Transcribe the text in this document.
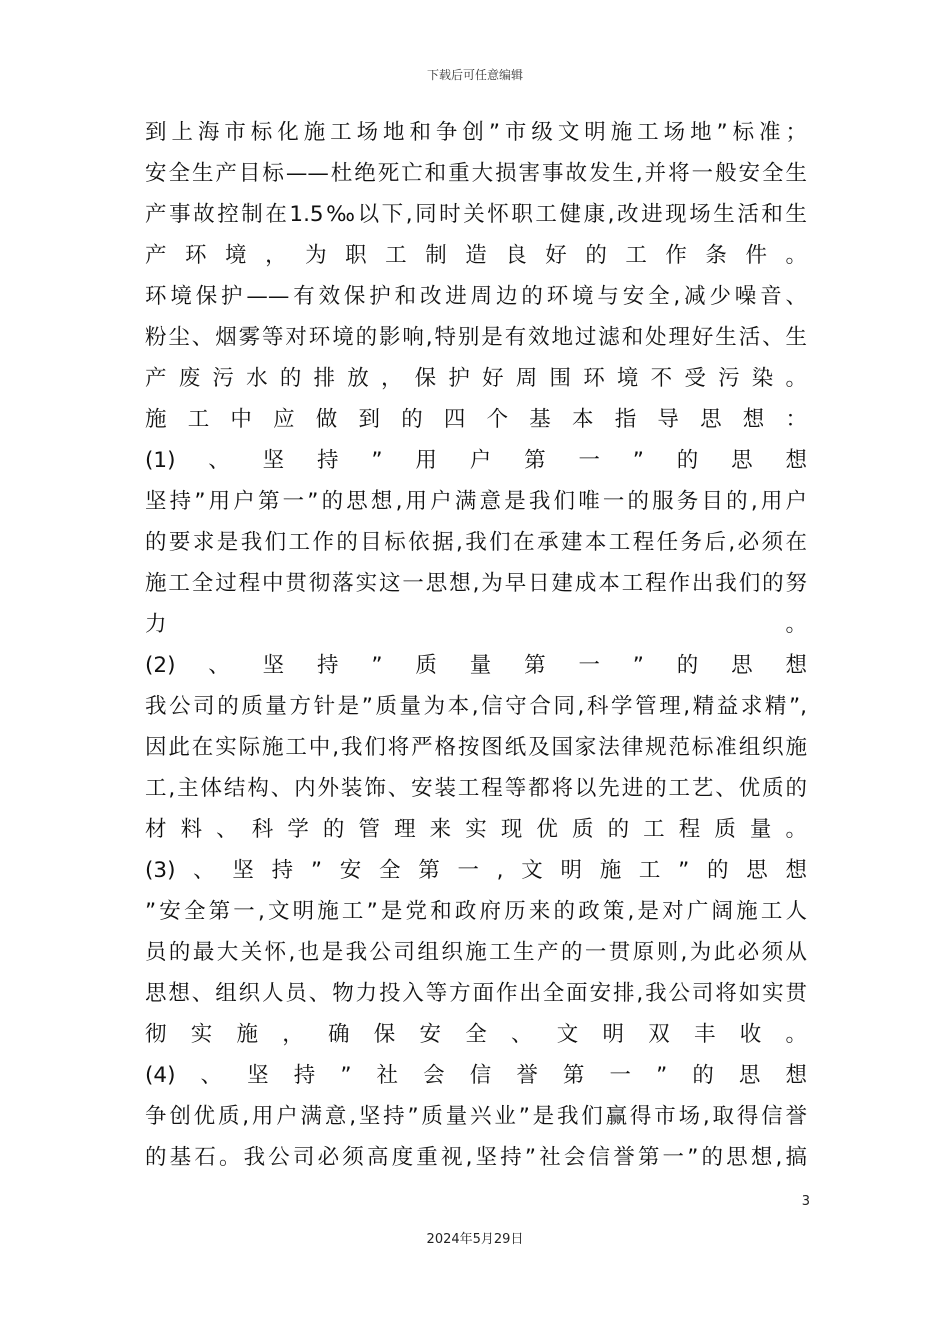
下载后可任意编辑
到上海市标化施工场地和争创”市级文明施工场地”标准；
安全生产目标——杜绝死亡和重大损害事故发生,并将一般安全生
产事故控制在1.5‰以下,同时关怀职工健康,改进现场生活和生
产环境，为职工制造良好的工作条件。
环境保护——有效保护和改进周边的环境与安全,减少噪音、
粉尘、烟雾等对环境的影响,特别是有效地过滤和处理好生活、生
产废污水的排放，保护好周围环境不受污染。
施工中应做到的四个基本指导思想：
(1)、坚持”用户第一”的思想
坚持”用户第一”的思想,用户满意是我们唯一的服务目的,用户
的要求是我们工作的目标依据,我们在承建本工程任务后,必须在
施工全过程中贯彻落实这一思想,为早日建成本工程作出我们的努
力　　　　　　　　　　　　　　　　　　　　　　　　　　　。
(2)、坚持”质量第一”的思想
我公司的质量方针是”质量为本,信守合同,科学管理,精益求精”,
因此在实际施工中,我们将严格按图纸及国家法律规范标准组织施
工,主体结构、内外装饰、安装工程等都将以先进的工艺、优质的
材料、科学的管理来实现优质的工程质量。
(3)、坚持”安全第一,文明施工”的思想
”安全第一,文明施工”是党和政府历来的政策,是对广阔施工人
员的最大关怀,也是我公司组织施工生产的一贯原则,为此必须从
思想、组织人员、物力投入等方面作出全面安排,我公司将如实贯
彻实施，确保安全、文明双丰收。
(4)、坚持”社会信誉第一”的思想
争创优质,用户满意,坚持”质量兴业”是我们赢得市场,取得信誉
的基石。我公司必须高度重视,坚持”社会信誉第一”的思想,搞
3
2024年5月29日
